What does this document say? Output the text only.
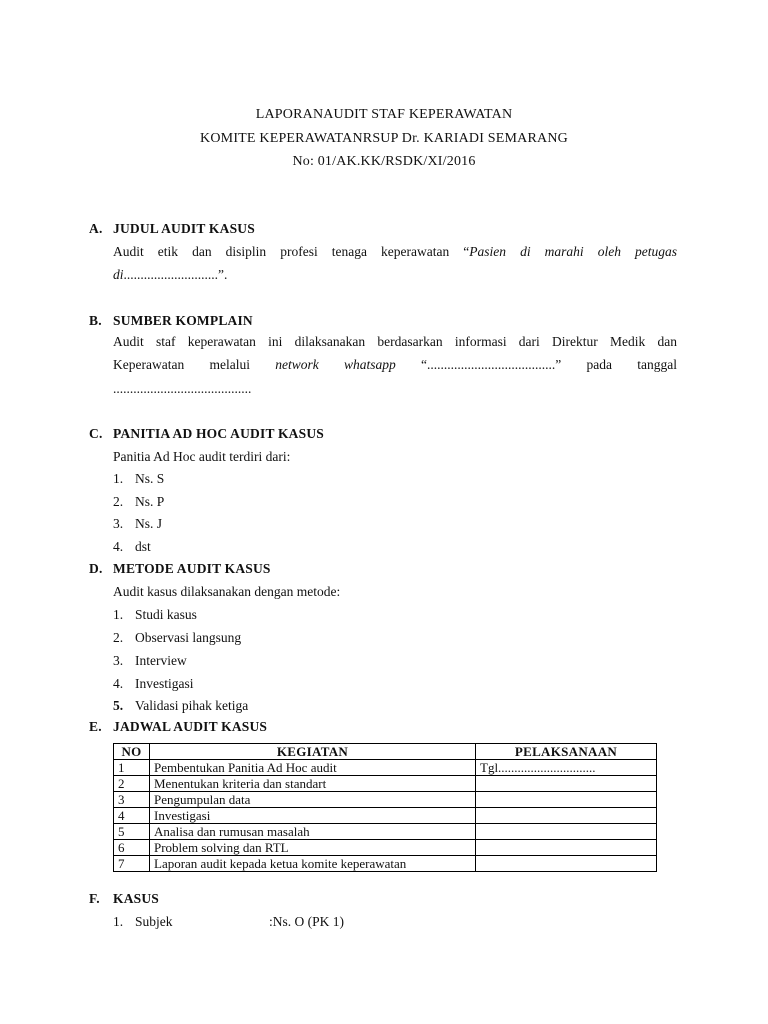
LAPORANAUDIT STAF KEPERAWATAN
KOMITE KEPERAWATANRSUP Dr. KARIADI SEMARANG
No: 01/AK.KK/RSDK/XI/2016
A. JUDUL AUDIT KASUS
Audit etik dan disiplin profesi tenaga keperawatan “Pasien di marahi oleh petugas
di............................”.
B. SUMBER KOMPLAIN
Audit staf keperawatan ini dilaksanakan berdasarkan informasi dari Direktur Medik dan
Keperawatan melalui network whatsapp “......................................” pada tanggal
.........................................
C. PANITIA AD HOC AUDIT KASUS
Panitia Ad Hoc audit terdiri dari:
1. Ns. S
2. Ns. P
3. Ns. J
4. dst
D. METODE AUDIT KASUS
Audit kasus dilaksanakan dengan metode:
1. Studi kasus
2. Observasi langsung
3. Interview
4. Investigasi
5. Validasi pihak ketiga
E. JADWAL AUDIT KASUS
NO	KEGIATAN	PELAKSANAAN
1	Pembentukan Panitia Ad Hoc audit	Tgl..............................
2	Menentukan kriteria dan standart	
3	Pengumpulan data	
4	Investigasi	
5	Analisa dan rumusan masalah	
6	Problem solving dan RTL	
7	Laporan audit kepada ketua komite keperawatan	
F. KASUS
1. Subjek	:Ns. O (PK 1)
